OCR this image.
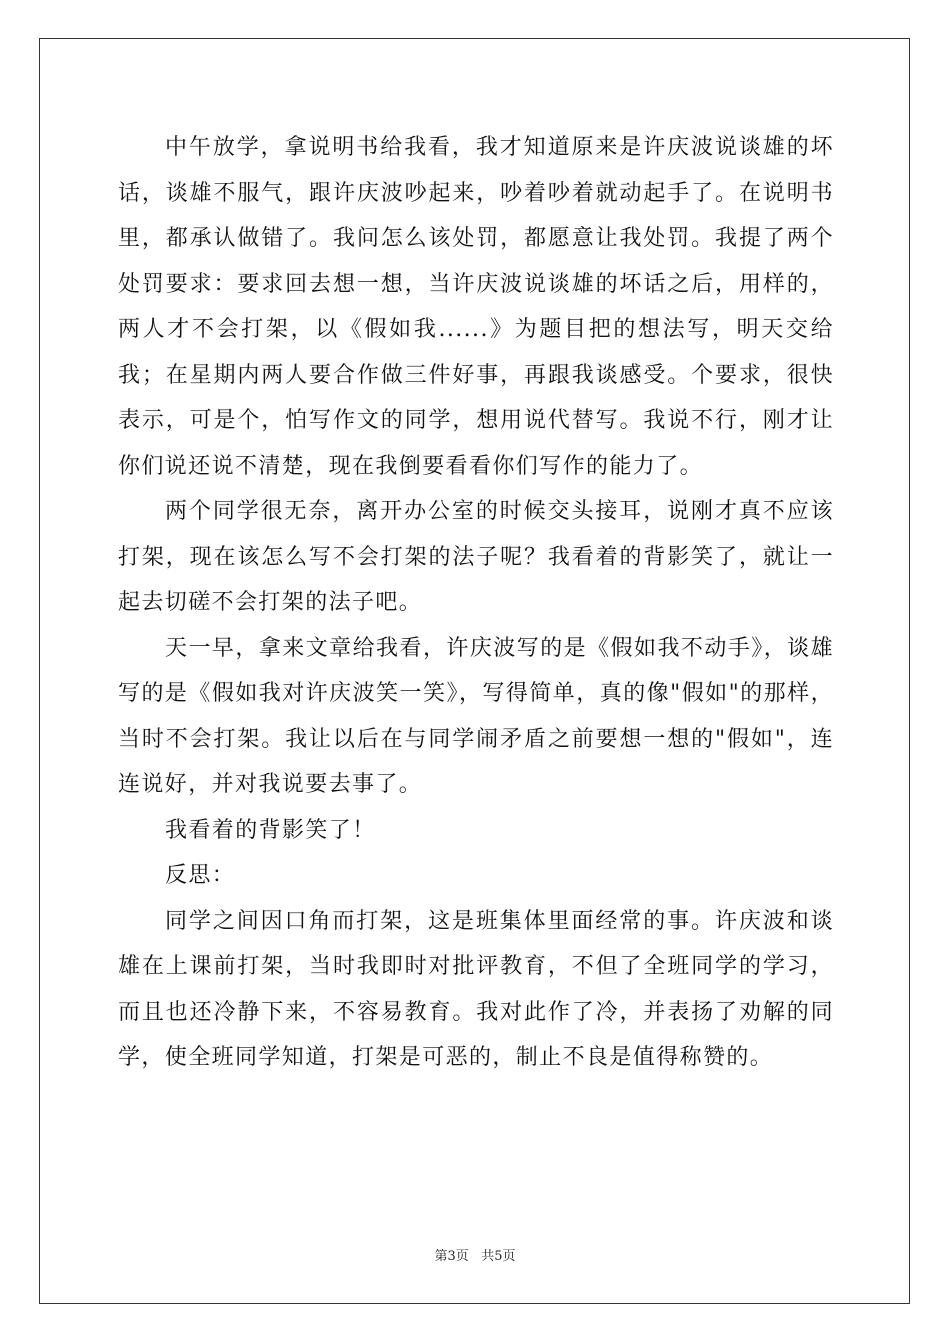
中午放学，拿说明书给我看，我才知道原来是许庆波说谈雄的坏话，谈雄不服气，跟许庆波吵起来，吵着吵着就动起手了。在说明书里，都承认做错了。我问怎么该处罚，都愿意让我处罚。我提了两个处罚要求：要求回去想一想，当许庆波说谈雄的坏话之后，用样的，两人才不会打架，以《假如我......》为题目把的想法写，明天交给我；在星期内两人要合作做三件好事，再跟我谈感受。个要求，很快表示，可是个，怕写作文的同学，想用说代替写。我说不行，刚才让你们说还说不清楚，现在我倒要看看你们写作的能力了。

两个同学很无奈，离开办公室的时候交头接耳，说刚才真不应该打架，现在该怎么写不会打架的法子呢？我看着的背影笑了，就让一起去切磋不会打架的法子吧。

天一早，拿来文章给我看，许庆波写的是《假如我不动手》，谈雄写的是《假如我对许庆波笑一笑》，写得简单，真的像"假如"的那样，当时不会打架。我让以后在与同学闹矛盾之前要想一想的"假如"，连连说好，并对我说要去事了。

我看着的背影笑了！

反思：

同学之间因口角而打架，这是班集体里面经常的事。许庆波和谈雄在上课前打架，当时我即时对批评教育，不但了全班同学的学习，而且也还冷静下来，不容易教育。我对此作了冷，并表扬了劝解的同学，使全班同学知道，打架是可恶的，制止不良是值得称赞的。

第3页 共5页
